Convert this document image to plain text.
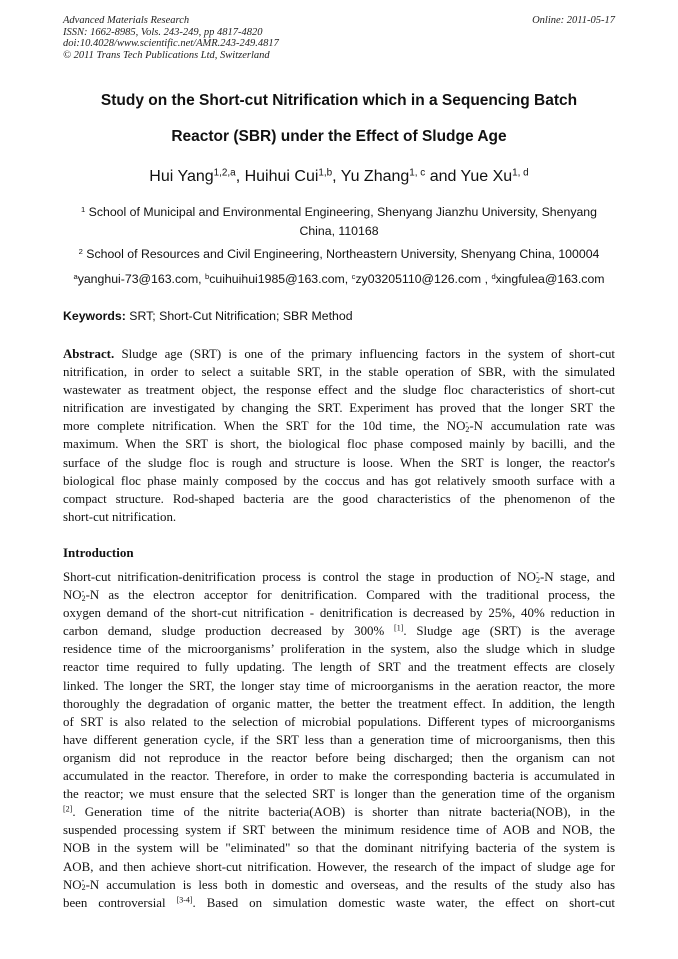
Advanced Materials Research
ISSN: 1662-8985, Vols. 243-249, pp 4817-4820
doi:10.4028/www.scientific.net/AMR.243-249.4817
© 2011 Trans Tech Publications Ltd, Switzerland
Online: 2011-05-17
Study on the Short-cut Nitrification which in a Sequencing Batch
Reactor (SBR) under the Effect of Sludge Age
Hui Yang$^{1,2,a}$, Huihui Cui$^{1,b}$, Yu Zhang$^{1, c}$ and Yue Xu$^{1, d}$
$^1$ School of Municipal and Environmental Engineering, Shenyang Jianzhu University, Shenyang
China, 110168
$^2$ School of Resources and Civil Engineering, Northeastern University, Shenyang China, 100004
$^a$yanghui-73@163.com, $^b$cuihuihui1985@163.com, $^c$zy03205110@126.com , $^d$xingfulea@163.com
Keywords: SRT; Short-Cut Nitrification; SBR Method
Abstract. Sludge age (SRT) is one of the primary influencing factors in the system of short-cut
nitrification, in order to select a suitable SRT, in the stable operation of SBR, with the simulated
wastewater as treatment object, the response effect and the sludge floc characteristics of short-cut
nitrification are investigated by changing the SRT. Experiment has proved that the longer SRT the
more complete nitrification. When the SRT for the 10d time, the NO -
2 -N accumulation rate was
maximum. When the SRT is short, the biological floc phase composed mainly by bacilli, and the
surface of the sludge floc is rough and structure is loose. When the SRT is longer, the reactor's
biological floc phase mainly composed by the coccus and has got relatively smooth surface with a
compact structure. Rod-shaped bacteria are the good characteristics of the phenomenon of the
short-cut nitrification.
Introduction
Short-cut nitrification-denitrification process is control the stage in production of NO -
2 -N stage, and
NO -
2 -N as the electron acceptor for denitrification. Compared with the traditional process, the
oxygen demand of the short-cut nitrification - denitrification is decreased by 25%, 40% reduction in
carbon demand, sludge production decreased by 300% [1]. Sludge age (SRT) is the average
residence time of the microorganisms’ proliferation in the system, also the sludge which in sludge
reactor time required to fully updating. The length of SRT and the treatment effects are closely
linked. The longer the SRT, the longer stay time of microorganisms in the aeration reactor, the more
thoroughly the degradation of organic matter, the better the treatment effect. In addition, the length
of SRT is also related to the selection of microbial populations. Different types of microorganisms
have different generation cycle, if the SRT less than a generation time of microorganisms, then this
organism did not reproduce in the reactor before being discharged; then the organism can not
accumulated in the reactor. Therefore, in order to make the corresponding bacteria is accumulated in
the reactor; we must ensure that the selected SRT is longer than the generation time of the organism
[2]. Generation time of the nitrite bacteria(AOB) is shorter than nitrate bacteria(NOB), in the
suspended processing system if SRT between the minimum residence time of AOB and NOB, the
NOB in the system will be "eliminated" so that the dominant nitrifying bacteria of the system is
AOB, and then achieve short-cut nitrification. However, the research of the impact of sludge age for
NO -
2 -N accumulation is less both in domestic and overseas, and the results of the study also has
been controversial [3-4]. Based on simulation domestic waste water, the effect on short-cut
